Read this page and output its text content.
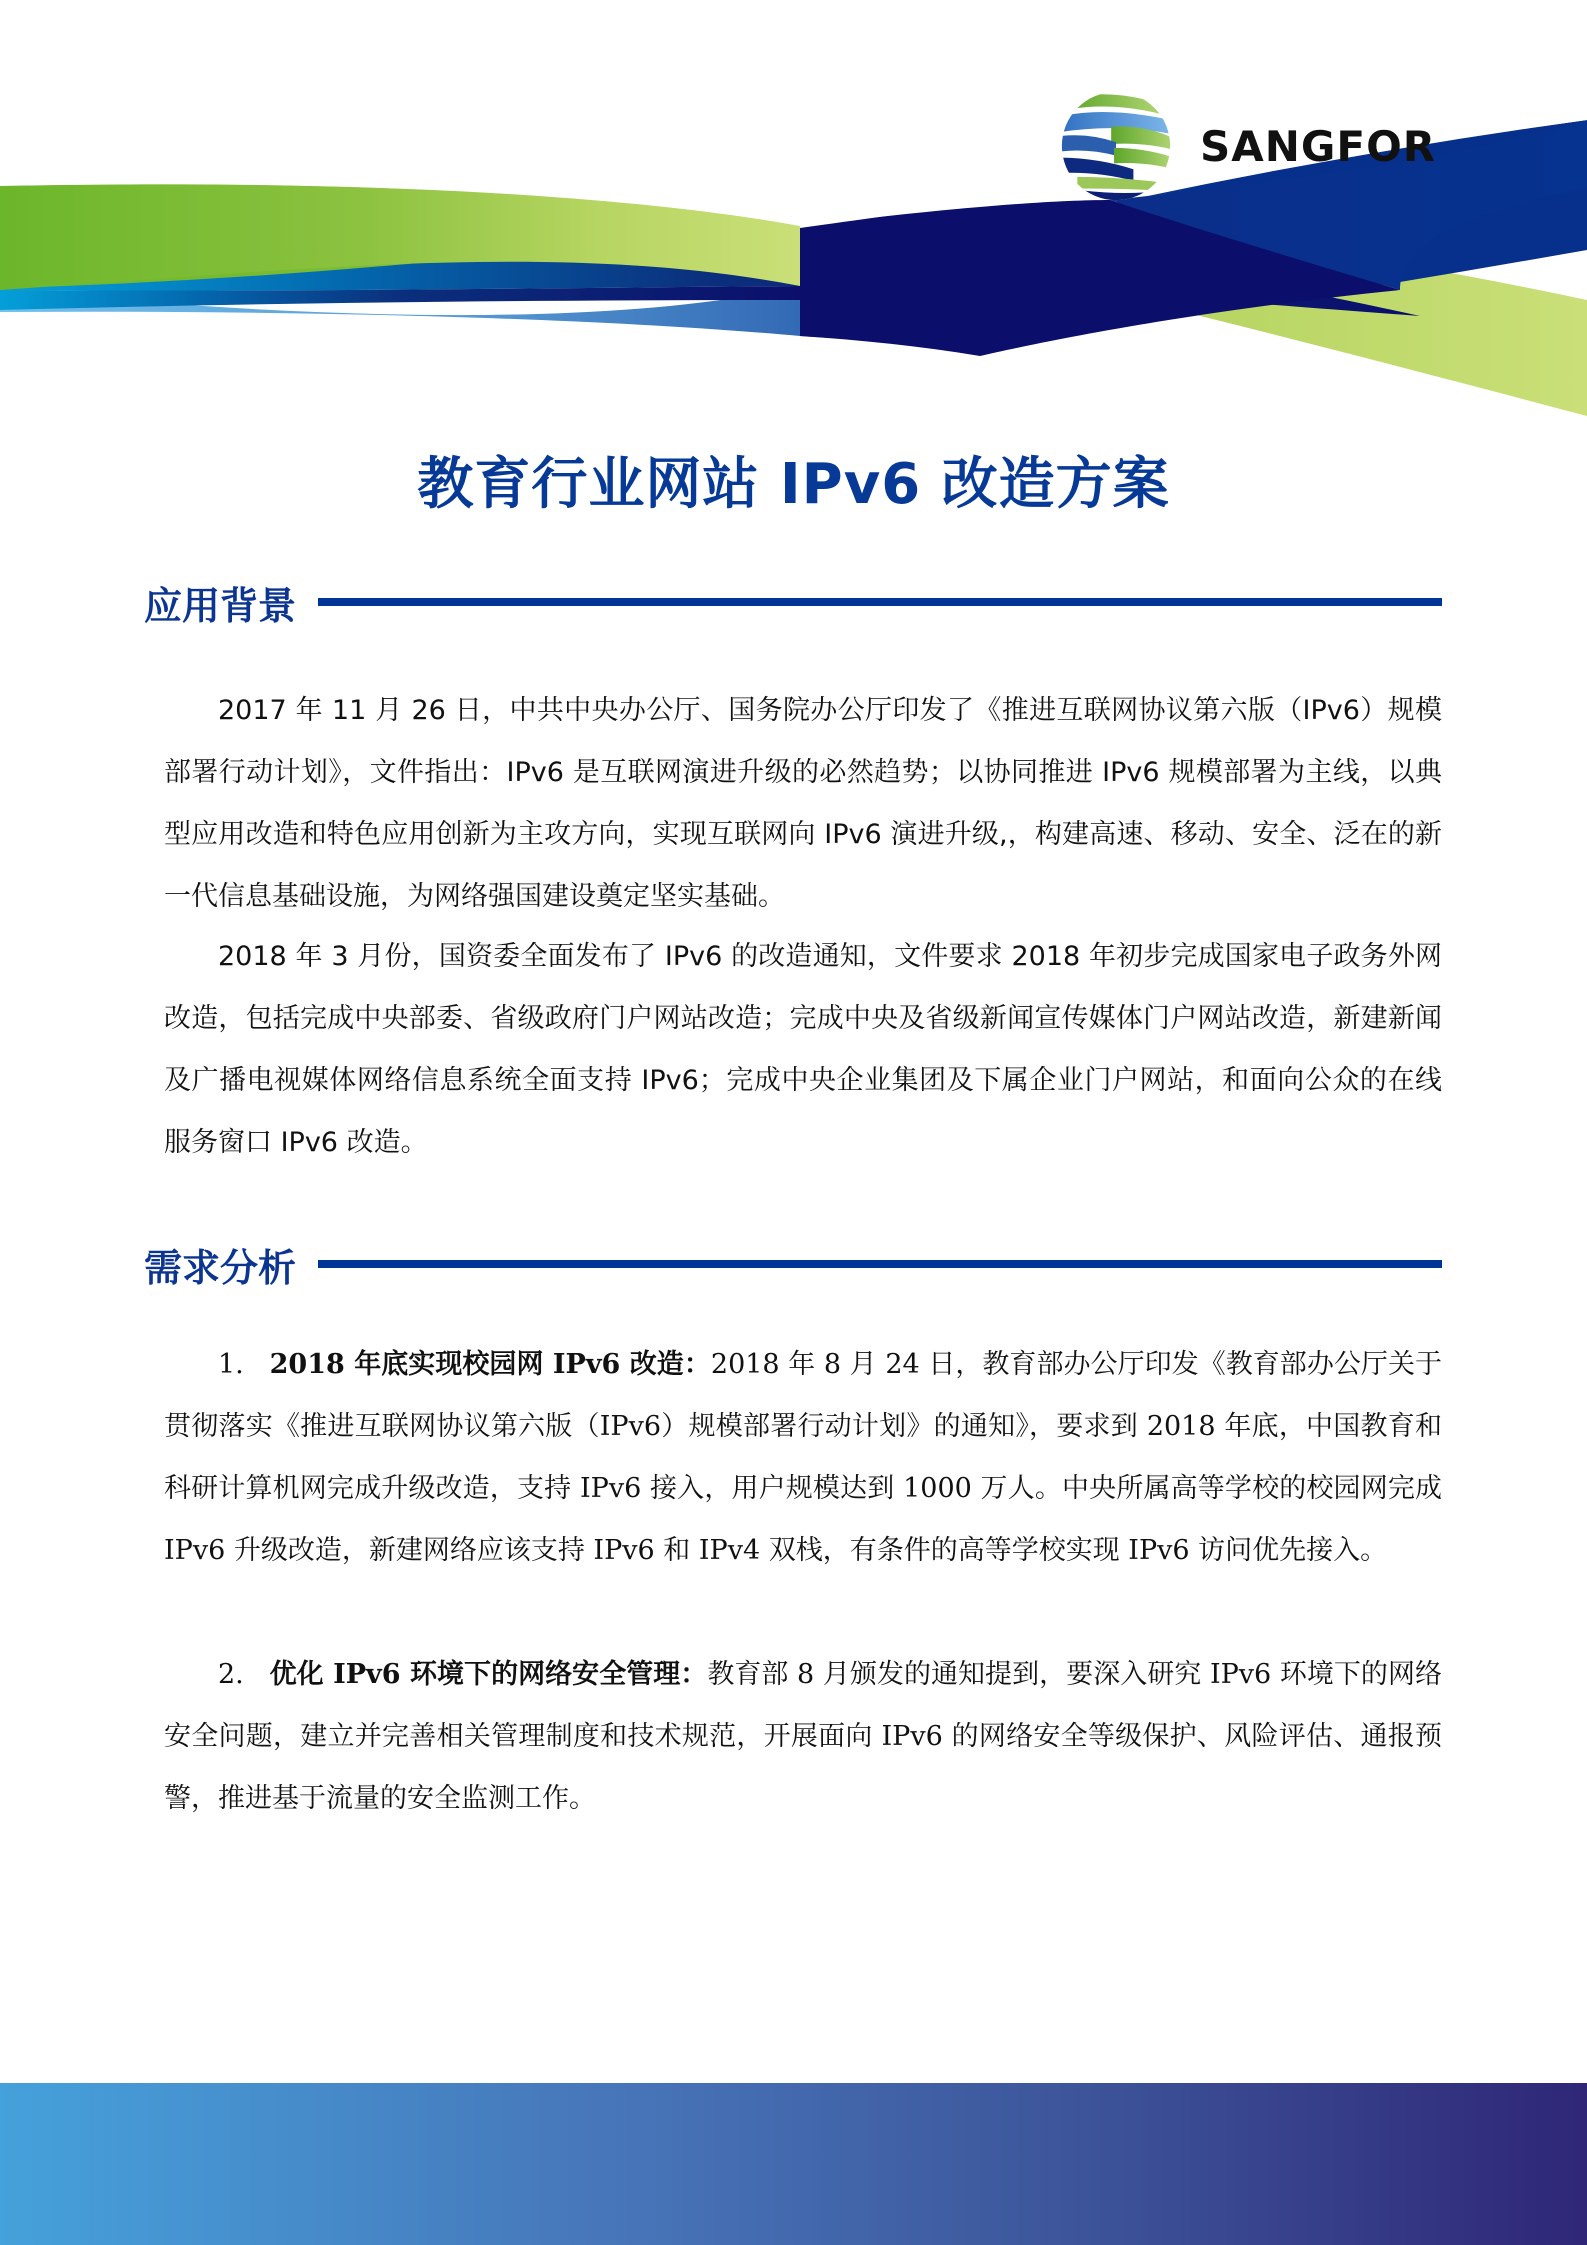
SANGFOR
教育行业网站 IPv6 改造方案
应用背景

2017 年 11 月 26 日，中共中央办公厅、国务院办公厅印发了《推进互联网协议第六版（IPv6）规模部署行动计划》，文件指出：IPv6 是互联网演进升级的必然趋势；以协同推进 IPv6 规模部署为主线，以典型应用改造和特色应用创新为主攻方向，实现互联网向 IPv6 演进升级,，构建高速、移动、安全、泛在的新一代信息基础设施，为网络强国建设奠定坚实基础。

2018 年 3 月份，国资委全面发布了 IPv6 的改造通知，文件要求 2018 年初步完成国家电子政务外网改造，包括完成中央部委、省级政府门户网站改造；完成中央及省级新闻宣传媒体门户网站改造，新建新闻及广播电视媒体网络信息系统全面支持 IPv6；完成中央企业集团及下属企业门户网站，和面向公众的在线服务窗口 IPv6 改造。

需求分析

1. 2018 年底实现校园网 IPv6 改造：2018 年 8 月 24 日，教育部办公厅印发《教育部办公厅关于贯彻落实《推进互联网协议第六版（IPv6）规模部署行动计划》的通知》，要求到 2018 年底，中国教育和科研计算机网完成升级改造，支持 IPv6 接入，用户规模达到 1000 万人。中央所属高等学校的校园网完成 IPv6 升级改造，新建网络应该支持 IPv6 和 IPv4 双栈，有条件的高等学校实现 IPv6 访问优先接入。

2. 优化 IPv6 环境下的网络安全管理：教育部 8 月颁发的通知提到，要深入研究 IPv6 环境下的网络安全问题，建立并完善相关管理制度和技术规范，开展面向 IPv6 的网络安全等级保护、风险评估、通报预警，推进基于流量的安全监测工作。
